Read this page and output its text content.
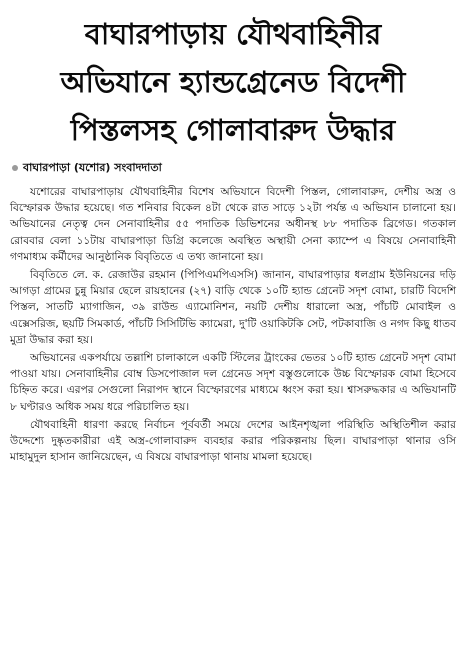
বাঘারপাড়ায় যৌথবাহিনীর
অভিযানে হ্যান্ডগ্রেনেড বিদেশী
পিস্তলসহ গোলাবারুদ উদ্ধার
বাঘারপাড়া (যশোর) সংবাদদাতা

যশোরের বাঘারপাড়ায় যৌথবাহিনীর বিশেষ অভিযানে বিদেশী পিস্তল, গোলাবারুদ, দেশীয় অস্ত্র ও বিস্ফোরক উদ্ধার হয়েছে। গত শনিবার বিকেল ৪টা থেকে রাত সাড়ে ১২টা পর্যন্ত এ অভিযান চালানো হয়। অভিযানের নেতৃত্ব দেন সেনাবাহিনীর ৫৫ পদাতিক ডিভিশনের অধীনস্থ ৮৮ পদাতিক ব্রিগেড। গতকাল রোববার বেলা ১১টায় বাঘারপাড়া ডিগ্রি কলেজে অবস্থিত অস্থায়ী সেনা ক্যাম্পে এ বিষয়ে সেনাবাহিনী গণমাধ্যম কর্মীদের আনুষ্ঠানিক বিবৃতিতে এ তথ্য জানানো হয়।

বিবৃতিতে লে. ক. রেজাউর রহমান (পিপিএমপিএসসি) জানান, বাঘারপাড়ার ধলগ্রাম ইউনিয়নের দড়ি আগড়া গ্রামের চুন্নু মিয়ার ছেলে রায়হানের (২৭) বাড়ি থেকে ১০টি হ্যান্ড গ্রেনেট সদৃশ বোমা, চারটি বিদেশি পিস্তল, সাতটি ম্যাগাজিন, ৩৯ রাউন্ড এ্যামোনিশন, নয়টি দেশীয় ধারালো অস্ত্র, পাঁচটি মোবাইল ও এক্সেসরিজ, ছয়টি সিমকার্ড, পাঁচটি সিসিটিভি ক্যামেরা, দু'টি ওয়াকিটকি সেট, পটকাবাজি ও নগদ কিছু ধাতব মুদ্রা উদ্ধার করা হয়।

অভিযানের একপর্যায়ে তল্লাশি চালাকালে একটি স্টিলের ট্রাংকের ভেতর ১০টি হ্যান্ড গ্রেনেট সদৃশ বোমা পাওয়া যায়। সেনাবাহিনীর বোম্ব ডিসপোজাল দল গ্রেনেড সদৃশ বস্তুগুলোকে উচ্চ বিস্ফোরক বোমা হিসেবে চিহ্নিত করে। এরপর সেগুলো নিরাপদ স্থানে বিস্ফোরণের মাধ্যমে ধ্বংস করা হয়। শ্বাসরুদ্ধকার এ অভিযানটি ৮ ঘণ্টারও অধিক সময় ধরে পরিচালিত হয়।

যৌথবাহিনী ধারণা করছে নির্বাচন পূর্ববর্তী সময়ে দেশের আইনশৃঙ্খলা পরিস্থিতি অস্থিতিশীল করার উদ্দেশ্যে দুষ্কৃতকারীরা এই অস্ত্র-গোলাবারুদ ব্যবহার করার পরিকল্পনায় ছিল। বাঘারপাড়া থানার ওসি মাহামুদুল হাসান জানিয়েছেন, এ বিষয়ে বাঘারপাড়া থানায় মামলা হয়েছে।
